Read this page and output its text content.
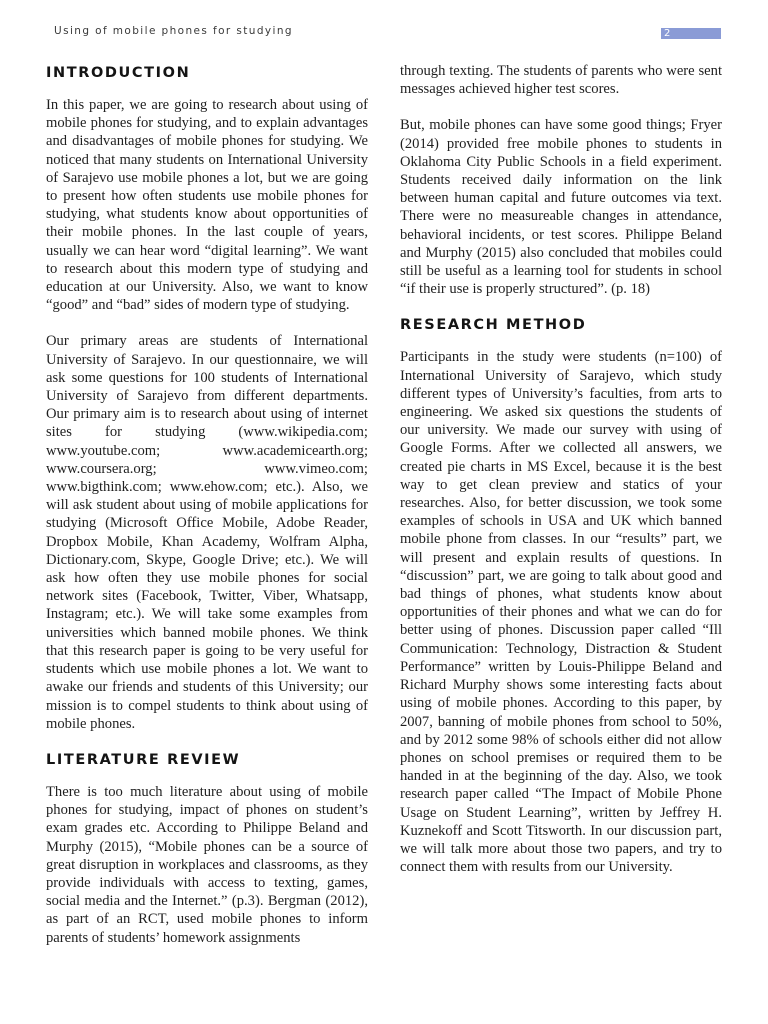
Using of mobile phones for studying	2
INTRODUCTION

In this paper, we are going to research about using of mobile phones for studying, and to explain advantages and disadvantages of mobile phones for studying. We noticed that many students on International University of Sarajevo use mobile phones a lot, but we are going to present how often students use mobile phones for studying, what students know about opportunities of their mobile phones. In the last couple of years, usually we can hear word “digital learning”. We want to research about this modern type of studying and education at our University. Also, we want to know “good” and “bad” sides of modern type of studying.

Our primary areas are students of International University of Sarajevo. In our questionnaire, we will ask some questions for 100 students of International University of Sarajevo from different departments. Our primary aim is to research about using of internet sites for studying (www.wikipedia.com; www.youtube.com; www.academicearth.org; www.coursera.org; www.vimeo.com; www.bigthink.com; www.ehow.com; etc.). Also, we will ask student about using of mobile applications for studying (Microsoft Office Mobile, Adobe Reader, Dropbox Mobile, Khan Academy, Wolfram Alpha, Dictionary.com, Skype, Google Drive; etc.). We will ask how often they use mobile phones for social network sites (Facebook, Twitter, Viber, Whatsapp, Instagram; etc.). We will take some examples from universities which banned mobile phones. We think that this research paper is going to be very useful for students which use mobile phones a lot. We want to awake our friends and students of this University; our mission is to compel students to think about using of mobile phones.

LITERATURE REVIEW

There is too much literature about using of mobile phones for studying, impact of phones on student’s exam grades etc. According to Philippe Beland and Murphy (2015), “Mobile phones can be a source of great disruption in workplaces and classrooms, as they provide individuals with access to texting, games, social media and the Internet.” (p.3). Bergman (2012), as part of an RCT, used mobile phones to inform parents of students’ homework assignments

through texting. The students of parents who were sent messages achieved higher test scores.

But, mobile phones can have some good things; Fryer (2014) provided free mobile phones to students in Oklahoma City Public Schools in a field experiment. Students received daily information on the link between human capital and future outcomes via text. There were no measureable changes in attendance, behavioral incidents, or test scores. Philippe Beland and Murphy (2015) also concluded that mobiles could still be useful as a learning tool for students in school “if their use is properly structured”. (p. 18)

RESEARCH METHOD

Participants in the study were students (n=100) of International University of Sarajevo, which study different types of University’s faculties, from arts to engineering. We asked six questions the students of our university. We made our survey with using of Google Forms. After we collected all answers, we created pie charts in MS Excel, because it is the best way to get clean preview and statics of your researches. Also, for better discussion, we took some examples of schools in USA and UK which banned mobile phone from classes. In our “results” part, we will present and explain results of questions. In “discussion” part, we are going to talk about good and bad things of phones, what students know about opportunities of their phones and what we can do for better using of phones. Discussion paper called “Ill Communication: Technology, Distraction & Student Performance” written by Louis-Philippe Beland and Richard Murphy shows some interesting facts about using of mobile phones. According to this paper, by 2007, banning of mobile phones from school to 50%, and by 2012 some 98% of schools either did not allow phones on school premises or required them to be handed in at the beginning of the day. Also, we took research paper called “The Impact of Mobile Phone Usage on Student Learning”, written by Jeffrey H. Kuznekoff and Scott Titsworth. In our discussion part, we will talk more about those two papers, and try to connect them with results from our University.
